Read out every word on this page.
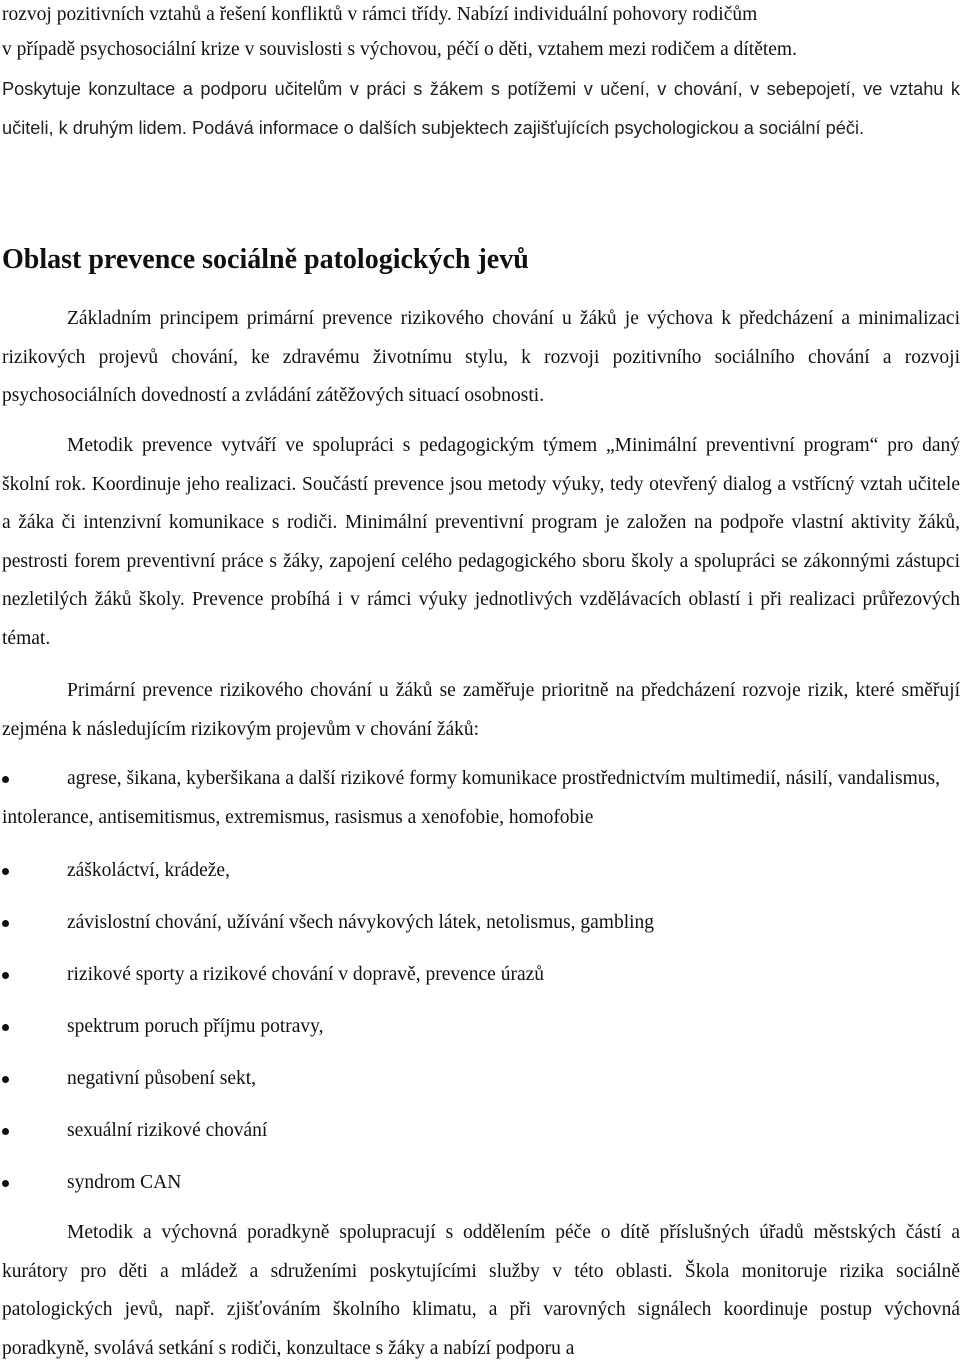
rozvoj pozitivních vztahů a řešení konfliktů v rámci třídy. Nabízí individuální pohovory rodičům

v případě psychosociální krize v souvislosti s výchovou, péčí o děti, vztahem mezi rodičem a dítětem.

Poskytuje konzultace a podporu učitelům v práci s žákem s potížemi v učení, v chování, v sebepojetí, ve vztahu k učiteli, k druhým lidem. Podává informace o dalších subjektech zajišťujících psychologickou a sociální péči.

Oblast prevence sociálně patologických jevů

Základním principem primární prevence rizikového chování u žáků je výchova k předcházení a minimalizaci rizikových projevů chování, ke zdravému životnímu stylu, k rozvoji pozitivního sociálního chování a rozvoji psychosociálních dovedností a zvládání zátěžových situací osobnosti.

Metodik prevence vytváří ve spolupráci s pedagogickým týmem „Minimální preventivní program“ pro daný školní rok. Koordinuje jeho realizaci. Součástí prevence jsou metody výuky, tedy otevřený dialog a vstřícný vztah učitele a žáka či intenzivní komunikace s rodiči. Minimální preventivní program je založen na podpoře vlastní aktivity žáků, pestrosti forem preventivní práce s žáky, zapojení celého pedagogického sboru školy a spolupráci se zákonnými zástupci nezletilých žáků školy. Prevence probíhá i v rámci výuky jednotlivých vzdělávacích oblastí i při realizaci průřezových témat.

Primární prevence rizikového chování u žáků se zaměřuje prioritně na předcházení rozvoje rizik, které směřují zejména k následujícím rizikovým projevům v chování žáků:

agrese, šikana, kyberšikana a další rizikové formy komunikace prostřednictvím multimedií, násilí, vandalismus, intolerance, antisemitismus, extremismus, rasismus a xenofobie, homofobie

záškoláctví, krádeže,

závislostní chování, užívání všech návykových látek, netolismus, gambling

rizikové sporty a rizikové chování v dopravě, prevence úrazů

spektrum poruch příjmu potravy,

negativní působení sekt,

sexuální rizikové chování

syndrom CAN

Metodik a výchovná poradkyně spolupracují s oddělením péče o dítě příslušných úřadů městských částí a kurátory pro děti a mládež a sdruženími poskytujícími služby v této oblasti. Škola monitoruje rizika sociálně patologických jevů, např. zjišťováním školního klimatu, a při varovných signálech koordinuje postup výchovná poradkyně, svolává setkání s rodiči, konzultace s žáky a nabízí podporu a
